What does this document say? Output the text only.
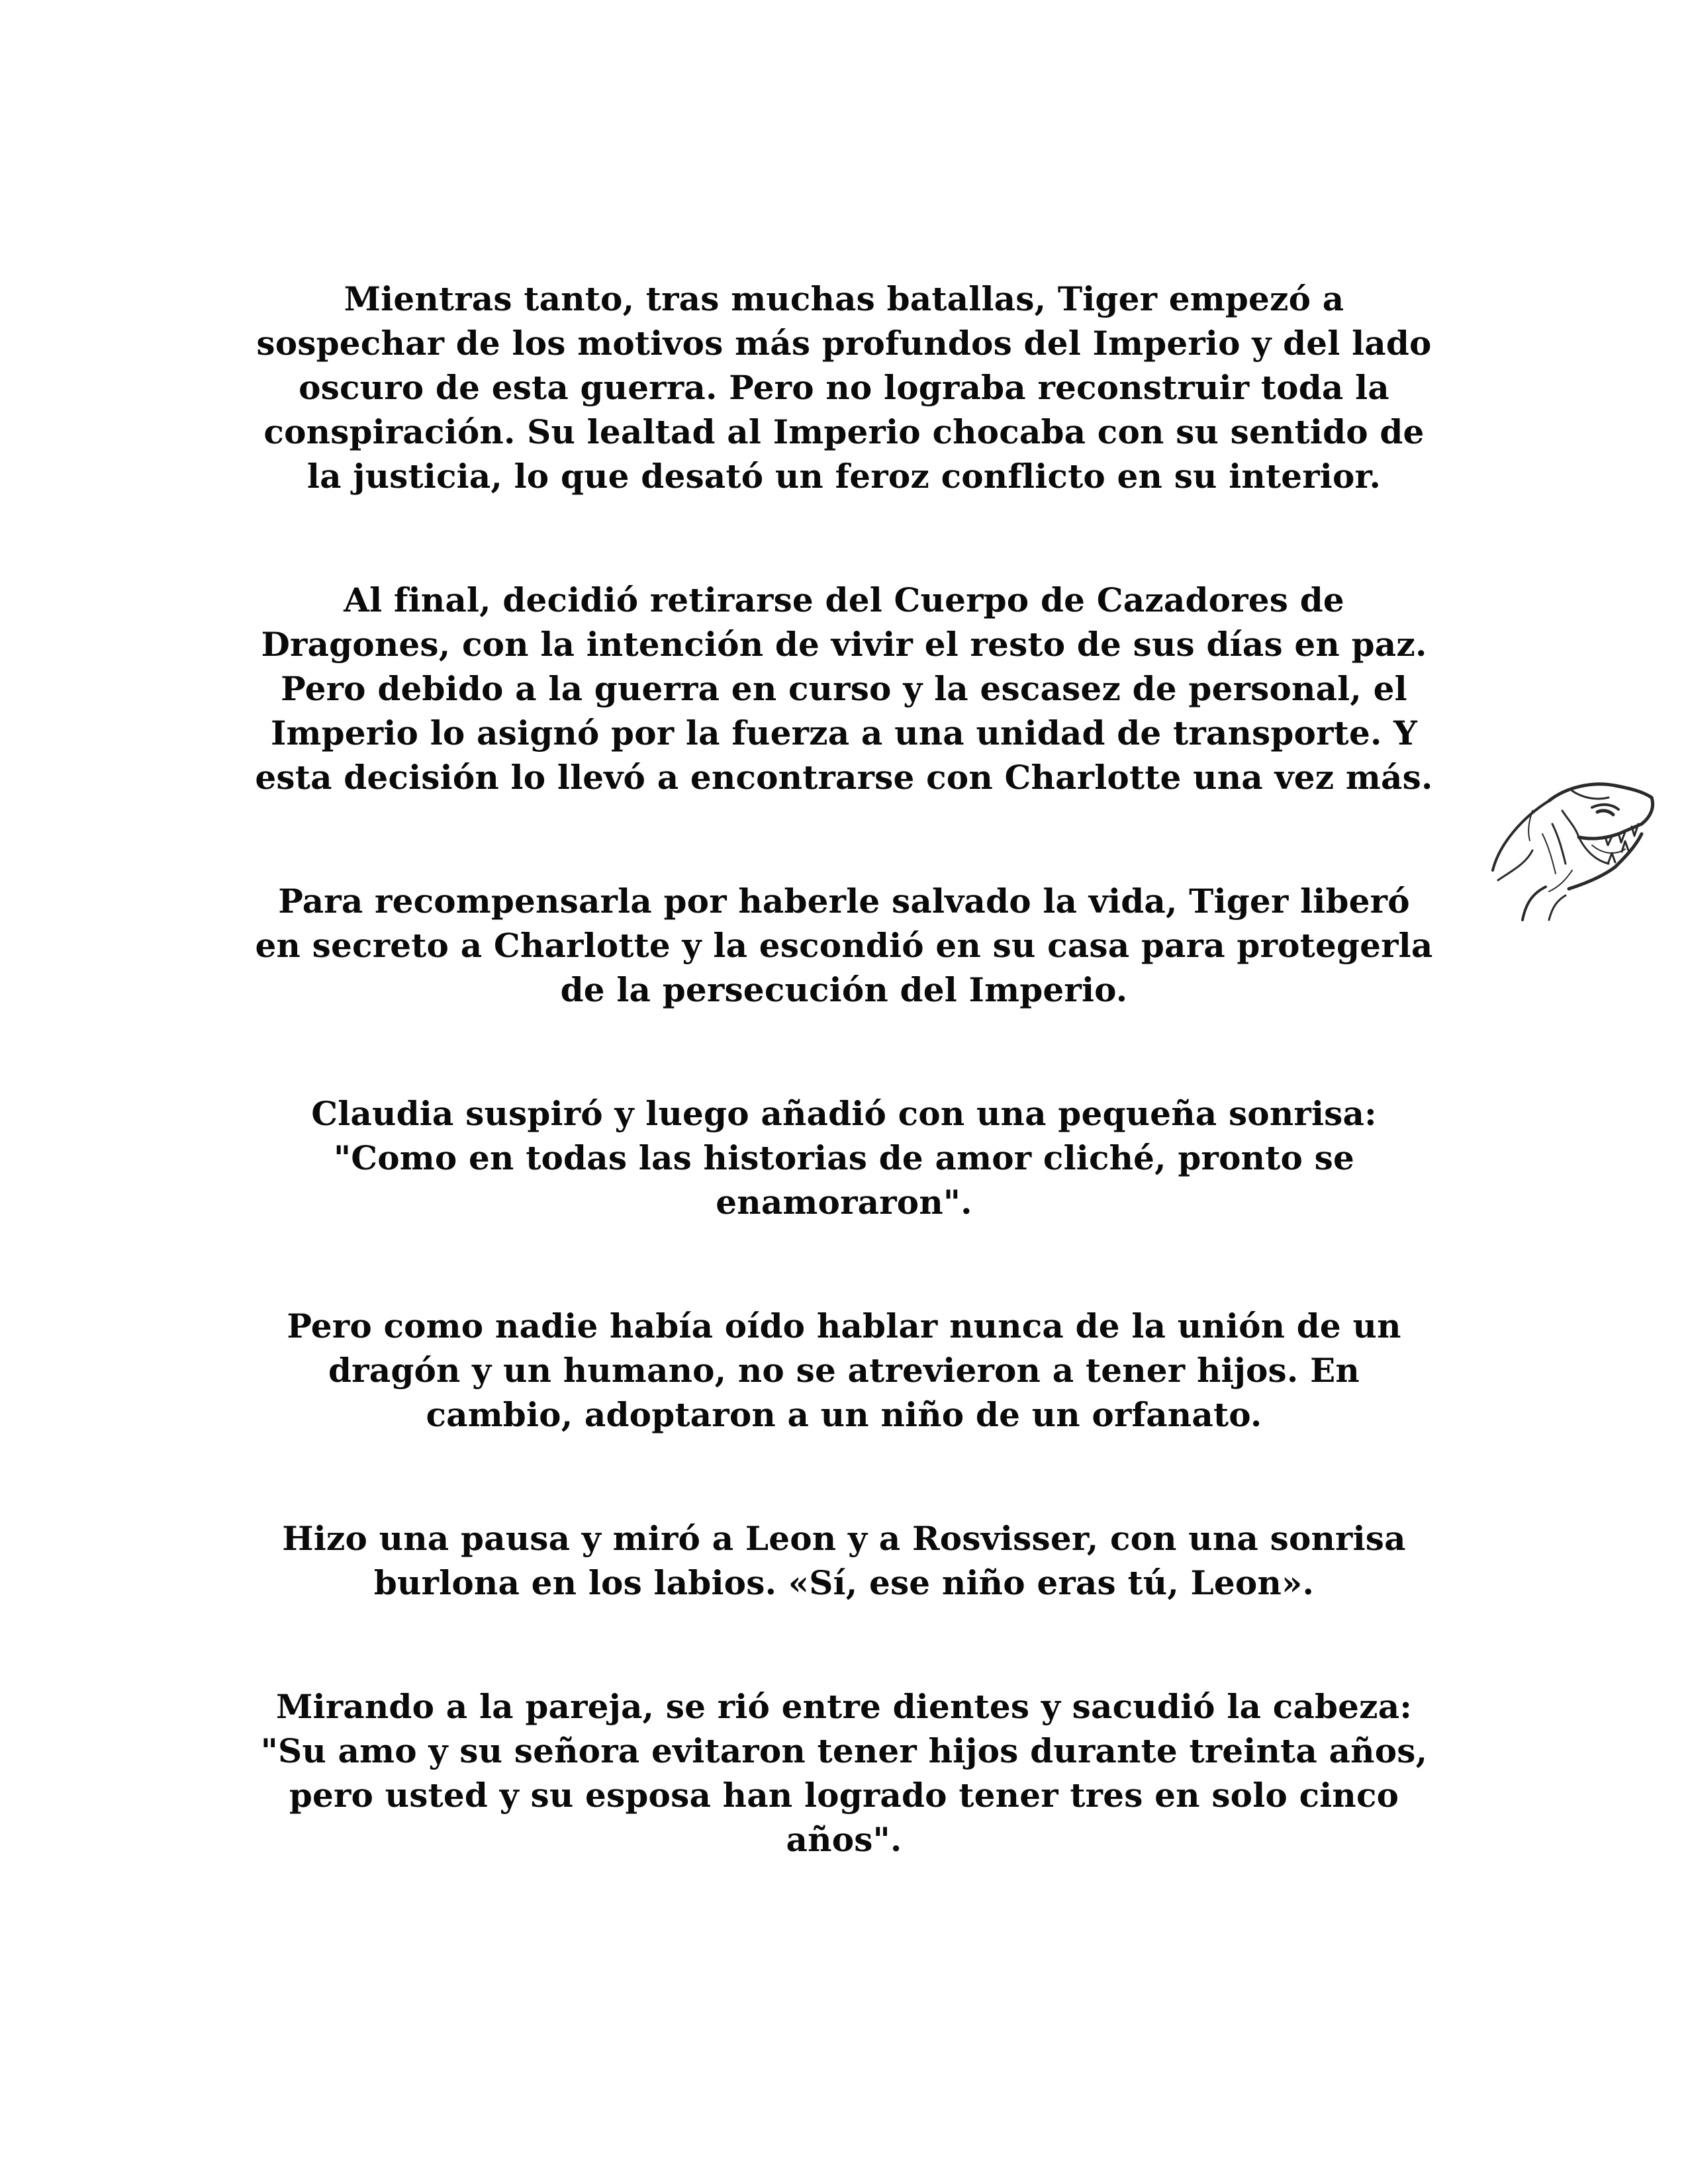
Mientras tanto, tras muchas batallas, Tiger empezó a
sospechar de los motivos más profundos del Imperio y del lado
oscuro de esta guerra. Pero no lograba reconstruir toda la
conspiración. Su lealtad al Imperio chocaba con su sentido de
la justicia, lo que desató un feroz conflicto en su interior.

Al final, decidió retirarse del Cuerpo de Cazadores de
Dragones, con la intención de vivir el resto de sus días en paz.
Pero debido a la guerra en curso y la escasez de personal, el
Imperio lo asignó por la fuerza a una unidad de transporte. Y
esta decisión lo llevó a encontrarse con Charlotte una vez más.

Para recompensarla por haberle salvado la vida, Tiger liberó
en secreto a Charlotte y la escondió en su casa para protegerla
de la persecución del Imperio.

Claudia suspiró y luego añadió con una pequeña sonrisa:
"Como en todas las historias de amor cliché, pronto se
enamoraron".

Pero como nadie había oído hablar nunca de la unión de un
dragón y un humano, no se atrevieron a tener hijos. En
cambio, adoptaron a un niño de un orfanato.

Hizo una pausa y miró a Leon y a Rosvisser, con una sonrisa
burlona en los labios. «Sí, ese niño eras tú, Leon».

Mirando a la pareja, se rió entre dientes y sacudió la cabeza:
"Su amo y su señora evitaron tener hijos durante treinta años,
pero usted y su esposa han logrado tener tres en solo cinco
años".
